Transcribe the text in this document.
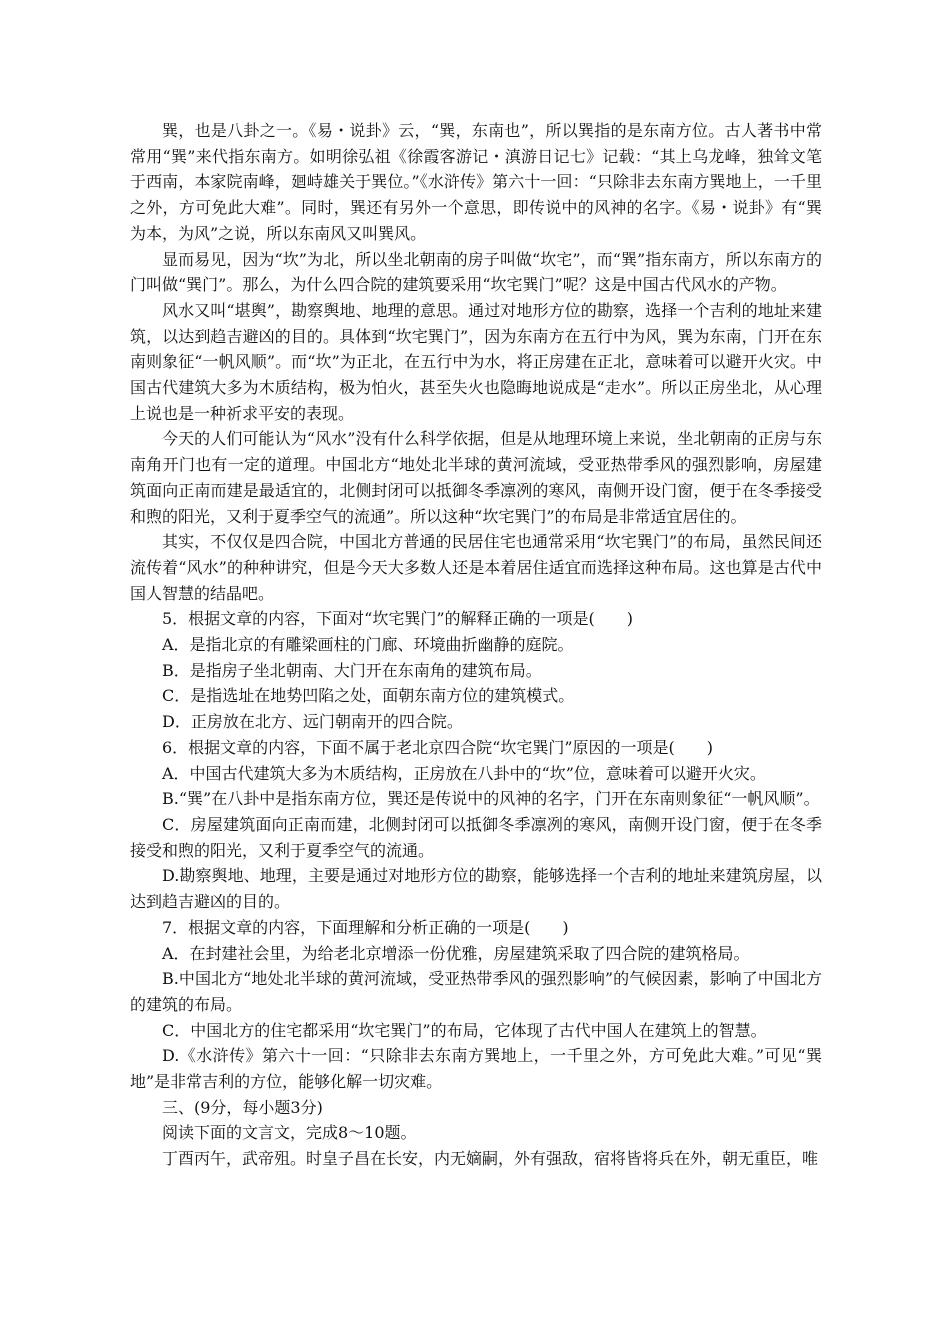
巽，也是八卦之一。《易・说卦》云，“巽，东南也”，所以巽指的是东南方位。古人著书中常常用“巽”来代指东南方。如明徐弘祖《徐霞客游记・滇游日记七》记载：“其上乌龙峰，独耸文笔于西南，本家院南峰，廻峙雄关于巽位。”《水浒传》第六十一回：“只除非去东南方巽地上，一千里之外，方可免此大难”。同时，巽还有另外一个意思，即传说中的风神的名字。《易・说卦》有“巽为本，为风”之说，所以东南风又叫巽风。

显而易见，因为“坎”为北，所以坐北朝南的房子叫做“坎宅”，而“巽”指东南方，所以东南方的门叫做“巽门”。那么，为什么四合院的建筑要采用“坎宅巽门”呢？这是中国古代风水的产物。

风水又叫“堪舆”，勘察舆地、地理的意思。通过对地形方位的勘察，选择一个吉利的地址来建筑，以达到趋吉避凶的目的。具体到“坎宅巽门”，因为东南方在五行中为风，巽为东南，门开在东南则象征“一帆风顺”。而“坎”为正北，在五行中为水，将正房建在正北，意味着可以避开火灾。中国古代建筑大多为木质结构，极为怕火，甚至失火也隐晦地说成是“走水”。所以正房坐北，从心理上说也是一种祈求平安的表现。

今天的人们可能认为“风水”没有什么科学依据，但是从地理环境上来说，坐北朝南的正房与东南角开门也有一定的道理。中国北方“地处北半球的黄河流域，受亚热带季风的强烈影响，房屋建筑面向正南而建是最适宜的，北侧封闭可以抵御冬季凛冽的寒风，南侧开设门窗，便于在冬季接受和煦的阳光，又利于夏季空气的流通”。所以这种“坎宅巽门”的布局是非常适宜居住的。

其实，不仅仅是四合院，中国北方普通的民居住宅也通常采用“坎宅巽门”的布局，虽然民间还流传着“风水”的种种讲究，但是今天大多数人还是本着居住适宜而选择这种布局。这也算是古代中国人智慧的结晶吧。

5．根据文章的内容，下面对“坎宅巽门”的解释正确的一项是(　　)

A．是指北京的有雕梁画柱的门廊、环境曲折幽静的庭院。

B．是指房子坐北朝南、大门开在东南角的建筑布局。

C．是指选址在地势凹陷之处，面朝东南方位的建筑模式。

D．正房放在北方、远门朝南开的四合院。

6．根据文章的内容，下面不属于老北京四合院“坎宅巽门”原因的一项是(　　)

A．中国古代建筑大多为木质结构，正房放在八卦中的“坎”位，意味着可以避开火灾。

B.“巽”在八卦中是指东南方位，巽还是传说中的风神的名字，门开在东南则象征“一帆风顺”。

C．房屋建筑面向正南而建，北侧封闭可以抵御冬季凛冽的寒风，南侧开设门窗，便于在冬季接受和煦的阳光，又利于夏季空气的流通。

D.勘察舆地、地理，主要是通过对地形方位的勘察，能够选择一个吉利的地址来建筑房屋，以达到趋吉避凶的目的。

7．根据文章的内容，下面理解和分析正确的一项是(　　)

A．在封建社会里，为给老北京增添一份优雅，房屋建筑采取了四合院的建筑格局。

B.中国北方“地处北半球的黄河流域，受亚热带季风的强烈影响”的气候因素，影响了中国北方的建筑的布局。

C．中国北方的住宅都采用“坎宅巽门”的布局，它体现了古代中国人在建筑上的智慧。

D.《水浒传》第六十一回：“只除非去东南方巽地上，一千里之外，方可免此大难。”可见“巽地”是非常吉利的方位，能够化解一切灾难。

三、(9分，每小题3分)

阅读下面的文言文，完成8～10题。

丁酉丙午，武帝殂。时皇子昌在长安，内无嫡嗣，外有强敌，宿将皆将兵在外，朝无重臣，唯
